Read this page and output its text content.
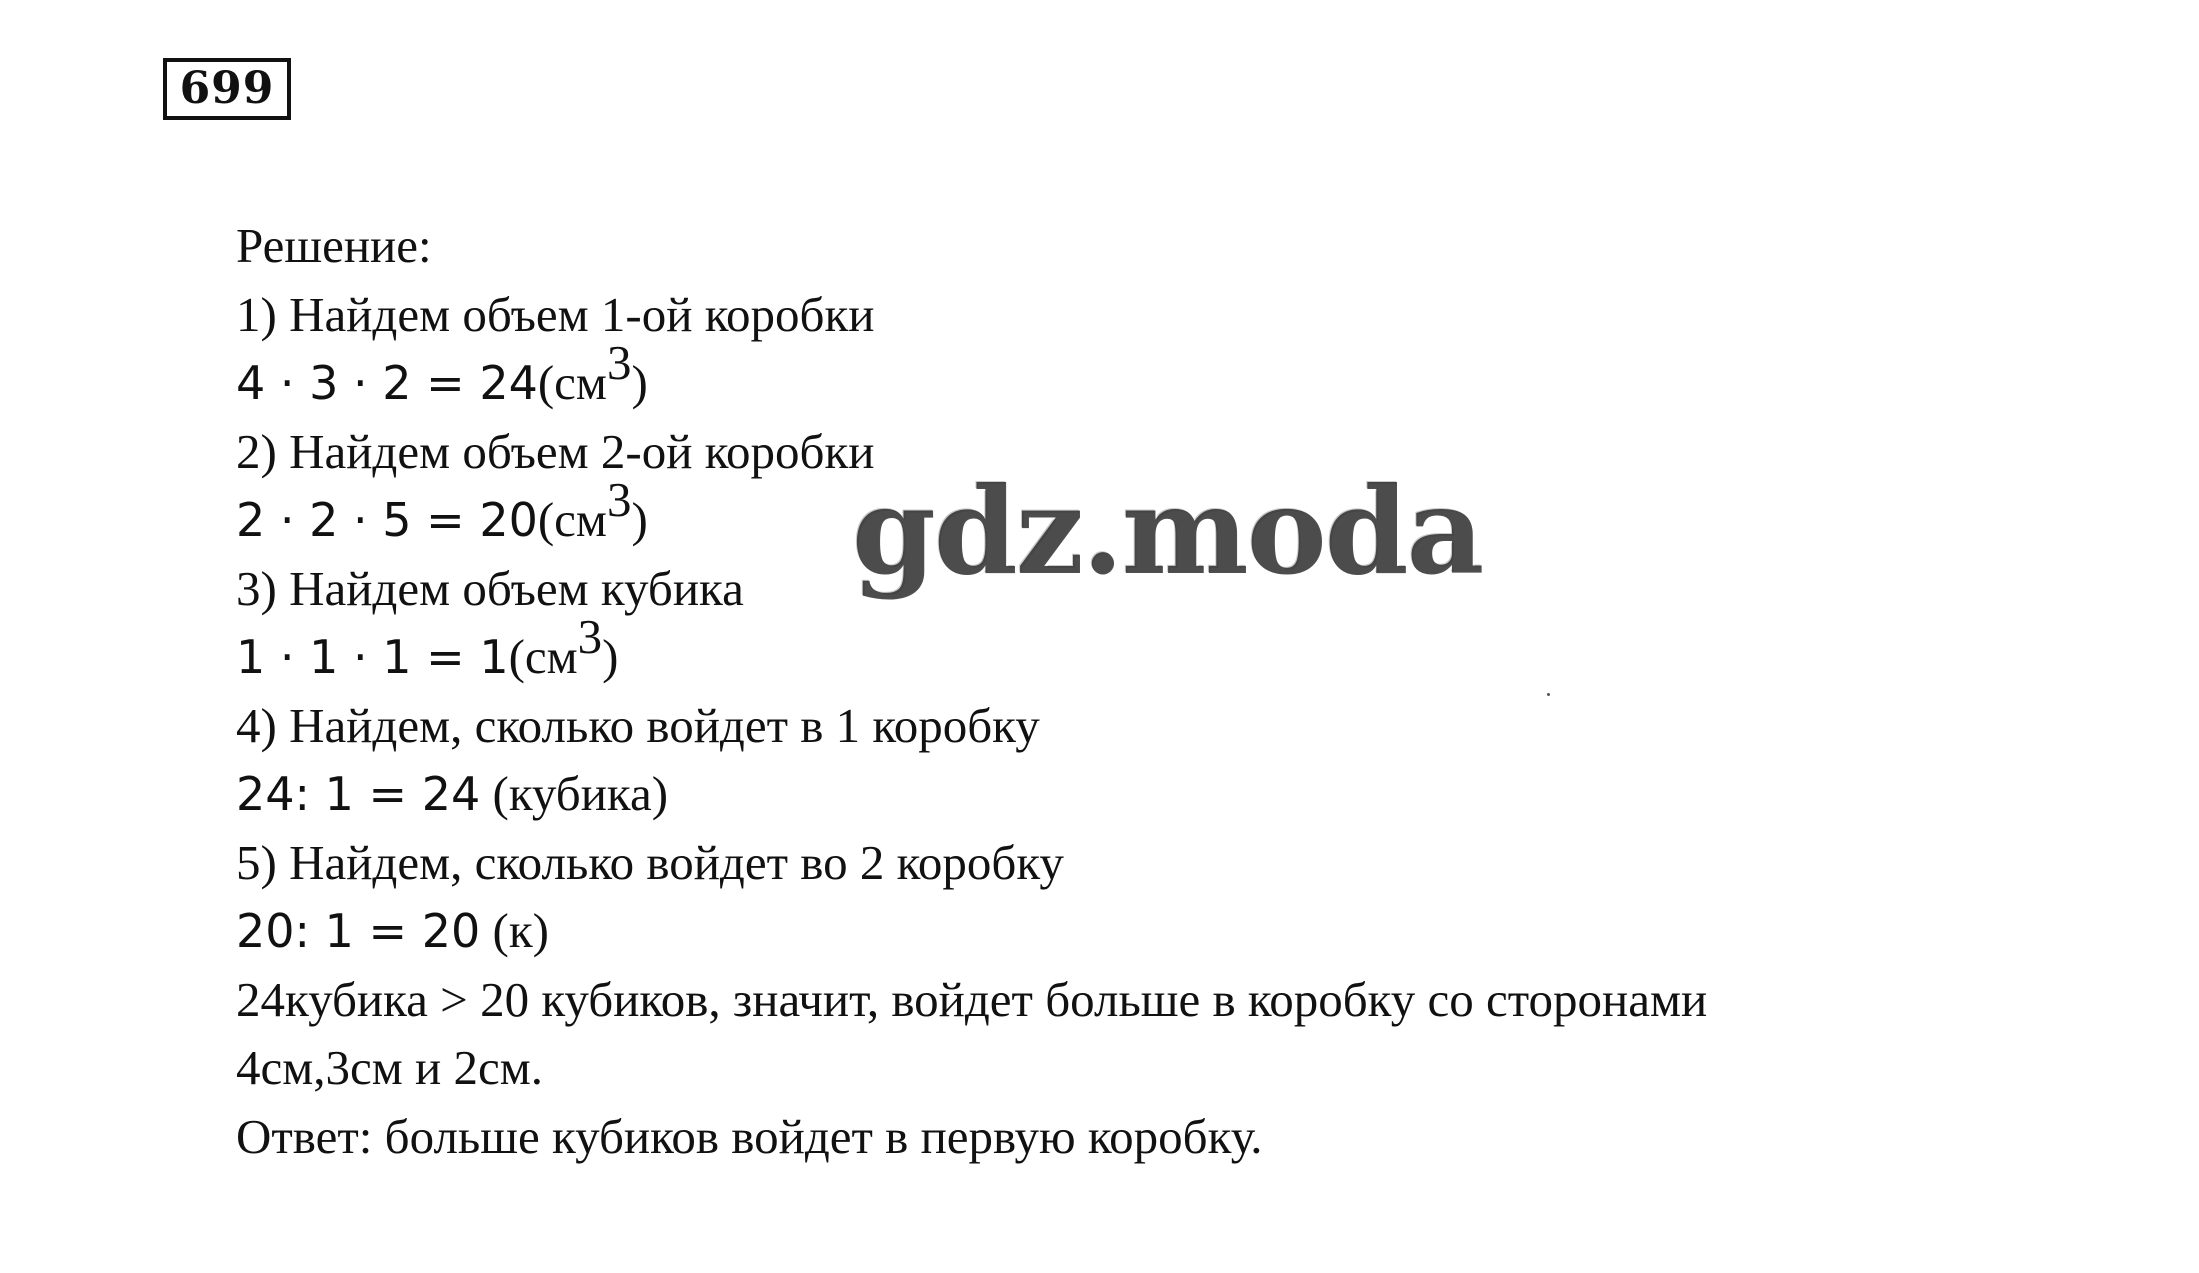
699
Решение:
1) Найдем объем 1-ой коробки
$4 \cdot 3 \cdot 2 = 24(см^3)$
2) Найдем объем 2-ой коробки
$2 \cdot 2 \cdot 5 = 20(см^3)$
3) Найдем объем кубика
$1 \cdot 1 \cdot 1 = 1(см^3)$
4) Найдем, сколько войдет в 1 коробку
24: 1 = 24 (кубика)
5) Найдем, сколько войдет во 2 коробку
20: 1 = 20 (к)
24кубика > 20 кубиков, значит, войдет больше в коробку со сторонами
4см,3см и 2см.
Ответ: больше кубиков войдет в первую коробку.
gdz.moda
